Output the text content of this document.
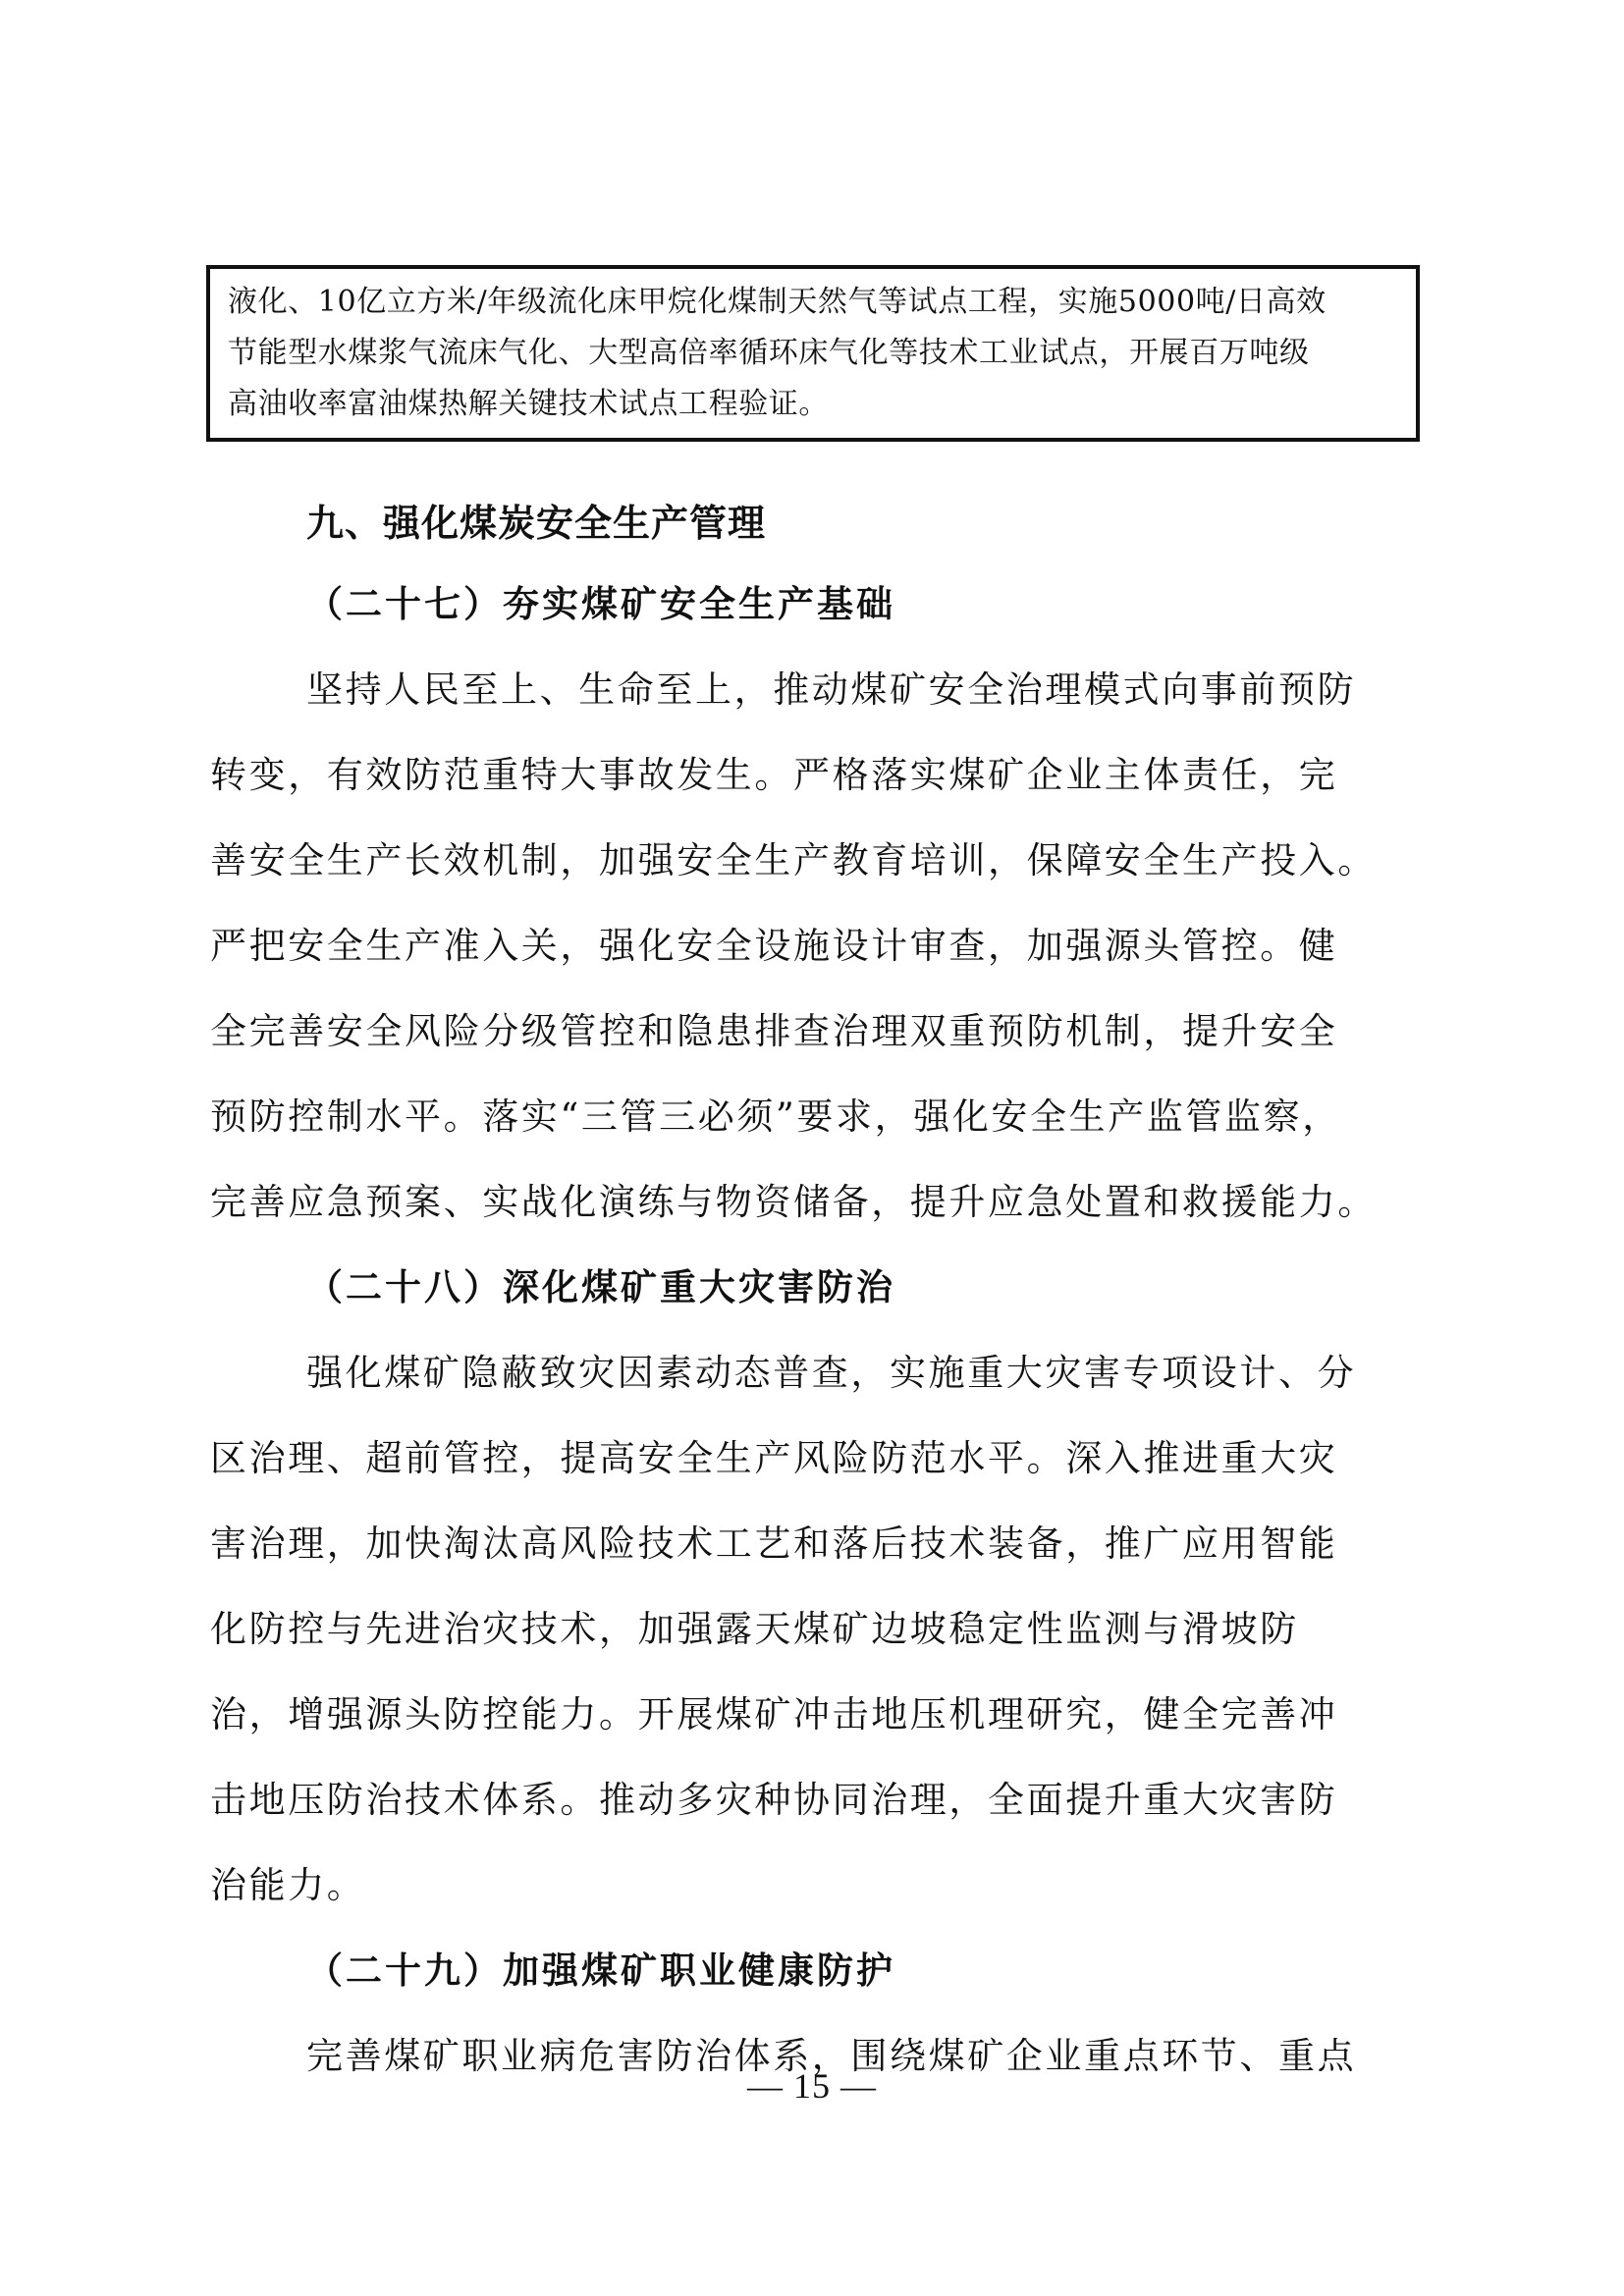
液化、10亿立方米/年级流化床甲烷化煤制天然气等试点工程，实施5000吨/日高效
节能型水煤浆气流床气化、大型高倍率循环床气化等技术工业试点，开展百万吨级
高油收率富油煤热解关键技术试点工程验证。
九、强化煤炭安全生产管理
（二十七）夯实煤矿安全生产基础
坚持人民至上、生命至上，推动煤矿安全治理模式向事前预防
转变，有效防范重特大事故发生。严格落实煤矿企业主体责任，完
善安全生产长效机制，加强安全生产教育培训，保障安全生产投入。
严把安全生产准入关，强化安全设施设计审查，加强源头管控。健
全完善安全风险分级管控和隐患排查治理双重预防机制，提升安全
预防控制水平。落实“三管三必须”要求，强化安全生产监管监察，
完善应急预案、实战化演练与物资储备，提升应急处置和救援能力。
（二十八）深化煤矿重大灾害防治
强化煤矿隐蔽致灾因素动态普查，实施重大灾害专项设计、分
区治理、超前管控，提高安全生产风险防范水平。深入推进重大灾
害治理，加快淘汰高风险技术工艺和落后技术装备，推广应用智能
化防控与先进治灾技术，加强露天煤矿边坡稳定性监测与滑坡防
治，增强源头防控能力。开展煤矿冲击地压机理研究，健全完善冲
击地压防治技术体系。推动多灾种协同治理，全面提升重大灾害防
治能力。
（二十九）加强煤矿职业健康防护
完善煤矿职业病危害防治体系，围绕煤矿企业重点环节、重点
— 15 —
